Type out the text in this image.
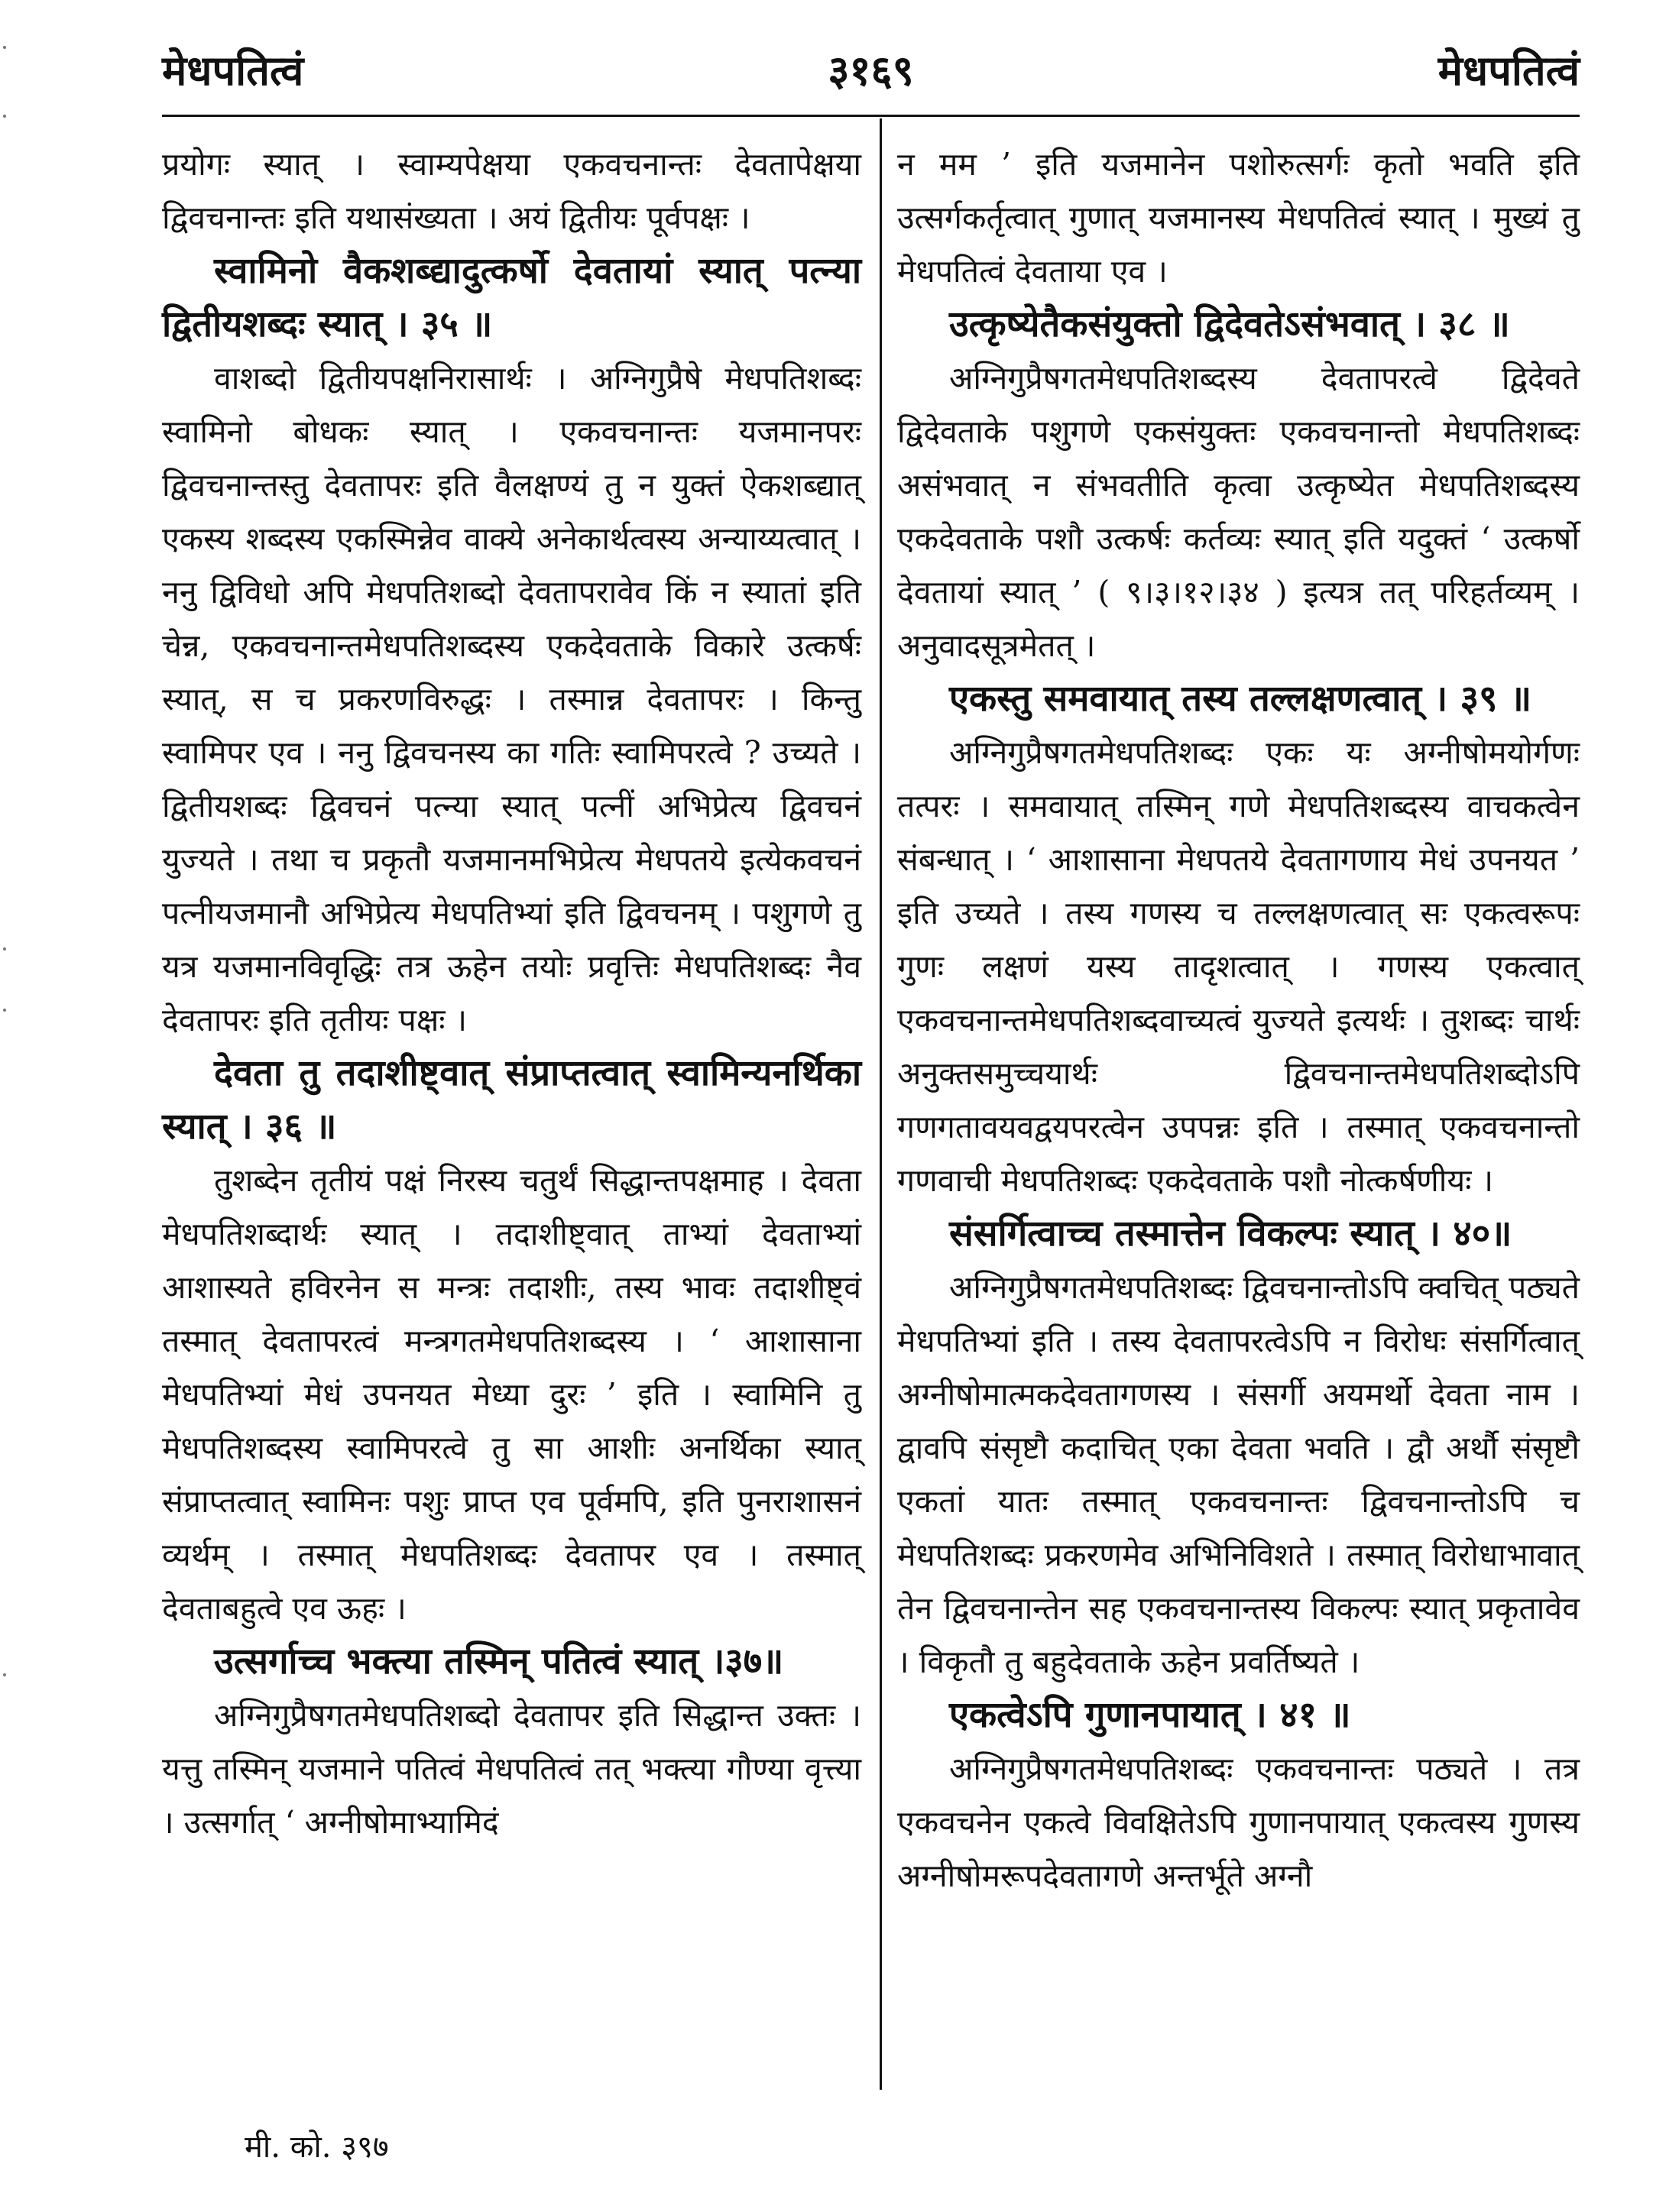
३१६९
मेधपतित्वं	मेधपतित्वं

प्रयोगः स्यात् । स्वाम्यपेक्षया एकवचनान्तः देवतापेक्षया द्विवचनान्तः इति यथासंख्यता । अयं द्वितीयः पूर्वपक्षः ।

स्वामिनो वैकशब्द्यादुत्कर्षो देवतायां स्यात् पत्न्या द्वितीयशब्दः स्यात् । ३५ ॥

वाशब्दो द्वितीयपक्षनिरासार्थः । अग्निगुप्रैषे मेधपतिशब्दः स्वामिनो बोधकः स्यात् । एकवचनान्तः यजमानपरः द्विवचनान्तस्तु देवतापरः इति वैलक्षण्यं तु न युक्तं ऐकशब्द्यात् एकस्य शब्दस्य एकस्मिन्नेव वाक्ये अनेकार्थत्वस्य अन्याय्यत्वात् । ननु द्विविधो अपि मेधपतिशब्दो देवतापरावेव किं न स्यातां इति चेन्न, एकवचनान्तमेधपतिशब्दस्य एकदेवताके विकारे उत्कर्षः स्यात्, स च प्रकरणविरुद्धः । तस्मान्न देवतापरः । किन्तु स्वामिपर एव । ननु द्विवचनस्य का गतिः स्वामिपरत्वे ? उच्यते । द्वितीयशब्दः द्विवचनं पत्न्या स्यात् पत्नीं अभिप्रेत्य द्विवचनं युज्यते । तथा च प्रकृतौ यजमानमभिप्रेत्य मेधपतये इत्येकवचनं पत्नीयजमानौ अभिप्रेत्य मेधपतिभ्यां इति द्विवचनम् । पशुगणे तु यत्र यजमानविवृद्धिः तत्र ऊहेन तयोः प्रवृत्तिः मेधपतिशब्दः नैव देवतापरः इति तृतीयः पक्षः ।

देवता तु तदाशीष्ट्वात् संप्राप्तत्वात् स्वामिन्यनर्थिका स्यात् । ३६ ॥

तुशब्देन तृतीयं पक्षं निरस्य चतुर्थं सिद्धान्तपक्षमाह । देवता मेधपतिशब्दार्थः स्यात् । तदाशीष्ट्वात् ताभ्यां देवताभ्यां आशास्यते हविरनेन स मन्त्रः तदाशीः, तस्य भावः तदाशीष्ट्वं तस्मात् देवतापरत्वं मन्त्रगतमेधपतिशब्दस्य । ‘ आशासाना मेधपतिभ्यां मेधं उपनयत मेध्या दुरः ’ इति । स्वामिनि तु मेधपतिशब्दस्य स्वामिपरत्वे तु सा आशीः अनर्थिका स्यात् संप्राप्तत्वात् स्वामिनः पशुः प्राप्त एव पूर्वमपि, इति पुनराशासनं व्यर्थम् । तस्मात् मेधपतिशब्दः देवतापर एव । तस्मात् देवताबहुत्वे एव ऊहः ।

उत्सर्गाच्च भक्त्या तस्मिन् पतित्वं स्यात् ।३७॥

अग्निगुप्रैषगतमेधपतिशब्दो देवतापर इति सिद्धान्त उक्तः । यत्तु तस्मिन् यजमाने पतित्वं मेधपतित्वं तत् भक्त्या गौण्या वृत्त्या । उत्सर्गात् ‘ अग्नीषोमाभ्यामिदं

न मम ’ इति यजमानेन पशोरुत्सर्गः कृतो भवति इति उत्सर्गकर्तृत्वात् गुणात् यजमानस्य मेधपतित्वं स्यात् । मुख्यं तु मेधपतित्वं देवताया एव ।

उत्कृष्येतैकसंयुक्तो द्विदेवतेऽसंभवात् । ३८ ॥

अग्निगुप्रैषगतमेधपतिशब्दस्य देवतापरत्वे द्विदेवते द्विदेवताके पशुगणे एकसंयुक्तः एकवचनान्तो मेधपतिशब्दः असंभवात् न संभवतीति कृत्वा उत्कृष्येत मेधपतिशब्दस्य एकदेवताके पशौ उत्कर्षः कर्तव्यः स्यात् इति यदुक्तं ‘ उत्कर्षो देवतायां स्यात् ’ ( ९।३।१२।३४ ) इत्यत्र तत् परिहर्तव्यम् । अनुवादसूत्रमेतत् ।

एकस्तु समवायात् तस्य तल्लक्षणत्वात् । ३९ ॥

अग्निगुप्रैषगतमेधपतिशब्दः एकः यः अग्नीषोमयोर्गणः तत्परः । समवायात् तस्मिन् गणे मेधपतिशब्दस्य वाचकत्वेन संबन्धात् । ‘ आशासाना मेधपतये देवतागणाय मेधं उपनयत ’ इति उच्यते । तस्य गणस्य च तल्लक्षणत्वात् सः एकत्वरूपः गुणः लक्षणं यस्य तादृशत्वात् । गणस्य एकत्वात् एकवचनान्तमेधपतिशब्दवाच्यत्वं युज्यते इत्यर्थः । तुशब्दः चार्थः अनुक्तसमुच्चयार्थः द्विवचनान्तमेधपतिशब्दोऽपि गणगतावयवद्वयपरत्वेन उपपन्नः इति । तस्मात् एकवचनान्तो गणवाची मेधपतिशब्दः एकदेवताके पशौ नोत्कर्षणीयः ।

संसर्गित्वाच्च तस्मात्तेन विकल्पः स्यात् । ४०॥

अग्निगुप्रैषगतमेधपतिशब्दः द्विवचनान्तोऽपि क्वचित् पठ्यते मेधपतिभ्यां इति । तस्य देवतापरत्वेऽपि न विरोधः संसर्गित्वात् अग्नीषोमात्मकदेवतागणस्य । संसर्गी अयमर्थो देवता नाम । द्वावपि संसृष्टौ कदाचित् एका देवता भवति । द्वौ अर्थौ संसृष्टौ एकतां यातः तस्मात् एकवचनान्तः द्विवचनान्तोऽपि च मेधपतिशब्दः प्रकरणमेव अभिनिविशते । तस्मात् विरोधाभावात् तेन द्विवचनान्तेन सह एकवचनान्तस्य विकल्पः स्यात् प्रकृतावेव । विकृतौ तु बहुदेवताके ऊहेन प्रवर्तिष्यते ।

एकत्वेऽपि गुणानपायात् । ४१ ॥

अग्निगुप्रैषगतमेधपतिशब्दः एकवचनान्तः पठ्यते । तत्र एकवचनेन एकत्वे विवक्षितेऽपि गुणानपायात् एकत्वस्य गुणस्य अग्नीषोमरूपदेवतागणे अन्तर्भूते अग्नौ

मी. को. ३९७
